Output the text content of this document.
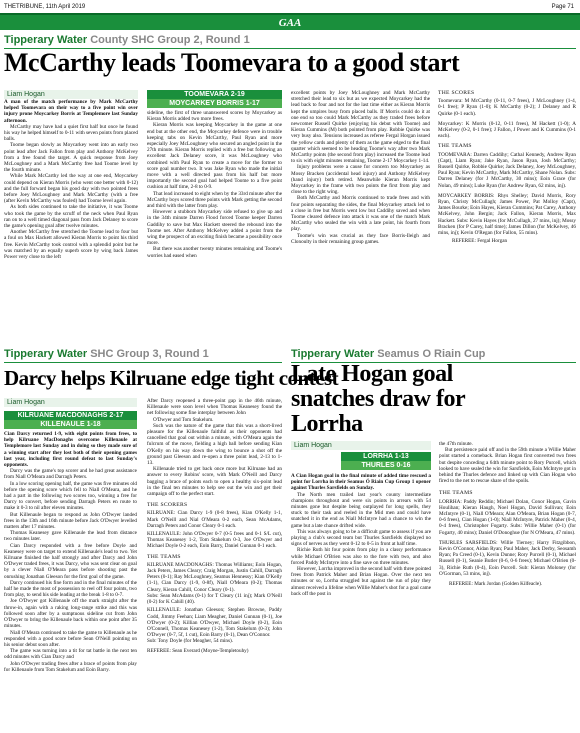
THETRIBUNE, 11th April 2019	Page 71
GAA
Tipperary Water County SHC Group 2, Round 1
McCarthy leads Toomevara to a good start
Liam Hogan

A man of the match performance by Mark McCarthy helped Toomevara on their way to a five point win over injury prone Moycarkey Borris at Templemore last Sunday afternoon.

McCarthy may have had a quiet first half but once he found his way he helped himself to 0-11 with seven points from placed balls.

Toome began slowly as Moycarkey went into an early two point lead after Jack Fallon from play and Anthony McKelvey from a free found the target. A quick response from Joey McLoughney and a Mark McCarthy free had Toome level by the fourth minute.

While Mark McCarthy led the way at one end, Moycarkey could depend on Kieran Morris (who went one better with 0-12) and the full forward began his good day with two pointed frees before Joey McLoughney and Mark McCarthy (with a free (after Kevin McCarthy was fouled) had Toome level again.

As both sides continued to take the initiative, it was Toome who took the game by the scruff of the neck when Paul Ryan ran on to a well timed diagonal pass from Jack Delaney to score the game's opening goal after twelve minutes.

Another McCarthy free stretched the Toome lead to four but a foul on Max Hackett allowed Kieran Morris to point his third free. Kevin McCarthy took control with a splendid point but he was matched by an equally superb score by wing back James Power very close to the left

TOOMEVARA 2-19
MOYCARKEY BORRIS 1-17

sideline, the first of three unanswered scores by Moycarkey as Kieran Morris added two more frees.

Kieran Morris was keeping Moycarkey in the game at one end but at the other end, the Moycarkey defence were in trouble keeping tabs on Kevin McCarthy, Paul Ryan and more especially Joey McLoughney who secured an angled point in the 27th minute. Kieran Morris replied with a free but following an excellent Jack Delaney score, it was McLoughney who combined with Paul Ryan to create a move for the former to score goal number two. It was Jake Ryan who made the initial move with a well directed pass from his half but more importantly the second goal had helped Toome to a five point cushion at half time, 2-8 to 0-9.

That lead increased to eight when by the 33rd minute after the McCarthy boys scored three points with Mark getting the second and third with the latter from play.

However a stubborn Moycarkey side refused to give up and in the 34th minute Darren Flood forced Toome keeper Darren Gaddihy to save but Max Hackett steered the rebound into the Toome net. After Anthony McKelvey added a point from the wing the prospect of an exciting finish became a possibility once more.

But there was another twenty minutes remaining and Toome's worries had eased when

excellent points by Joey McLoughney and Mark McCarthy stretched their lead to six but as we expected Moycarkey had the lead back to four and not for the last time either as Kieran Morris kept the umpires busy from placed balls. If Morris could do it at one end so too could Mark McCarthy as they traded frees before newcomer Russell Quirke (enjoying his debut with Toome) and Kieran Cummins (M) both pointed from play. Robbie Quirke was very busy also. Tensions increased as referee Fergal Horgan issued the yellow cards and plenty of them as the game edged to the final quarter which seemed to be heading Toome's way after two Mark McCarthy points (the second from play) increased the Toome lead to six with eight minutes remaining, Toome 2-17 Moycarkey 1-14.

Injury problems were a cause for concern too Moycarkey as Mossy Bracken (accidental head injury) and Anthony McKelvey (hand injury) both retired. Meanwhile Kieran Morris kept Moycarkey in the frame with two points the first from play and close to the right wing.

Both McCarthy and Morris continued to trade frees and with four points separating the sides, the final Moycarkey attack led to a close in free but Morris went low but Caddihy saved and when Toome cleared defence into attack it was one of the match Mark McCarthy who sealed the win with a late point, his fourth from play.

Toome's win was crucial as they face Borris-Ileigh and Clonoulty in their remaining group games.

THE SCORES

Toomevara: M McCarthy (0-11, 0-7 frees), J McLoughney (1-4, 0-1 free); P Ryan (1-0); K McCarthy (0-2); J Delaney and R Quirke (0-1 each).

Moycarkey: K Morris (0-12, 0-11 frees), M Hackett (1-0); A McKelvey (0-2, 0-1 free); J Fallon, J Power and K Cummins (0-1 each).

THE TEAMS

TOOMEVARA: Darren Caddihy; Cathal Kennedy, Andrew Ryan (Capt), Liam Ryan; Jake Ryan, Jason Ryan, Josh McCarthy; Russell Quirke, Robbie Quirke; Jack Delaney, Joey McLoughney, Paul Ryan; Kevin McCarthy, Mark McCarthy, Shane Nolan. Subs: Darren Delaney (for J McCarthy, 30 mins); Eoin Grace (for Nolan, 49 mins); Luke Ryan (for Andrew Ryan, 62 mins, inj).

MOYCARKEY BORRIS: Rhys Shelley; David Morris, Rory Ryan, Christy McCullagh; James Power, Pat Molloy (Capt), James Bourke; Eoin Hayes, Kieran Cummins; Pat Carey, Anthony McKelvey, John Bergin; Jack Fallon, Kieran Morris, Max Hackett. Subs: Kevin Hayes (for McCullagh, 27 mins, inj); Mossy Bracken (for P Carey, half time); James Dillon (for McKelvey, 46 mins, inj); Kevin O'Regan (for Fallon, 55 mins).

REFEREE: Fergal Horgan

Tipperary Water SHC Group 3, Round 1
Darcy helps Kilruane edge tight contest
Liam Hogan
KILRUANE MACDONAGHS 2-17
KILLENAULE 1-18

Cian Darcy returned 1-9, with eight points from frees, to help Kilruane MacDonaghs overcome Killenaule at Templemore last Sunday and in doing so they made sure of a winning start after they lost both of their opening games last year, including first round defeat to last Sunday's opponents.

Darcy was the game's top scorer and he had great assistance from Niall O'Meara and Darragh Peters.

In a low scoring opening half, the game was five minutes old before the opening score which fell to Niall O'Meara, and he had a part in the following two scores too, winning a free for Darcy to convert, before sending Darragh Peters en route to make it 0-3 to nil after eleven minutes.

But Killenaule began to respond as John O'Dwyer landed frees in the 13th and 16th minute before Jack O'Dwyer levelled matters after 17 minutes.

Thomas Keanesey gave Killenaule the lead from distance two minutes later.

Cian Darcy responded with a free before Doyle and Keanesey were on target to extend Killenaule's lead to two. Yet Kilruane finished the half strongly and after Darcy and John O'Dwyer traded frees, it was Darcy, who was sent clear on goal by a clever Niall O'Meara pass before shooting past the onrushing Jonathan Gleeson for the first goal of the game.

Darcy continued his fine form and in the final minutes of the half he made the most of possession to reel off four points, two from play, to send his side leading at the break 1-8 to 0-7.

Joe O'Dwyer got Killenaule off the mark straight after the throw-in, again with a raking long-range strike and this was followed soon after by a sumptuous sideline cut from John O'Dwyer to bring the Killenaule back within one point after 35 minutes.

Niall O'Meara continued to take the game to Killenaule as he responded with a good score before Sean O'Neill pointing on his senior debut soon after.

The game was turning into a tit for tat battle in the next ten odd minutes with Cian Darcy and

John O'Dwyer trading frees after a brace of points from play for Killenaule from Tom Stakelum and Eoin Barry.

After Darcy reopened a three-point gap in the 46th minute, Killenaule were soon level when Thomas Keanesey found the net following some fine interplay between John

O'Dwyer and Tom Stakelum.

Such was the nature of the game that this was a short-lived pleasure for the Killenaule faithful as their opponents had cancelled that goal out within a minute, with O'Meara again the fulcrum of the move, fielding a high ball before sending Kian O'Kelly on his way down the wing to bounce a shot off the ground past Gleeson and re-open a three point lead, 2-13 to 1-13.

Killenaule tried to get back once more but Kilruane had an answer to every Robins' score, with Mark O'Neill and Darcy bagging a brace of points each to open a healthy six-point lead in the final ten minutes to help see out the win and get their campaign off to the perfect start.

THE SCORERS

KILRUANE: Cian Darcy 1-9 (0-8 frees), Kian O'Kelly 1-1, Mark O'Neill and Nial O'Meara 0-2 each, Sean McAdams, Darragh Peters and Conor Cleary 0-1 each.

KILLENAULE: John O'Dwyer 0-7 (0-5 frees and 0-1 S/L cut), Thomas Keanesey 1-2, Tom Stakelum 0-3, Joe O'Dwyer and Michael Doyle 0-2 each, Eoin Barry, Daniel Gunnan 0-1 each.

THE TEAMS

KILRUANE MACDONAGHS: Thomas Williams; Eoin Hogan, Jack Peters, James Cleary; Craig Morgan, Justin Cahill, Darragh Peters (0-1); Ray McLoughney, Seamus Hennessy; Kian O'Kelly (1-1), Cian Darcy (1-9, 0-8f), Niall O'Meara (0-2); Thomas Cleary, Kieran Cahill, Conor Cleary (0-1).

Subs: Sean McAdams (0-1) for T Cleary (11 inj); Mark O'Neill (0-2) for K Cahill (40).

KILLENAULE: Jonathan Gleeson; Stephen Browne, Paddy Codd, Jimmy Feehan; Liam Meagher, Daniel Gunnan (0-1), Joe O'Dwyer (0-2); Killian O'Dwyer, Michael Doyle (0-2), Eoin O'Connell, Thomas Keanesey (1-2), Tom Stakelum (0-3); John O'Dwyer (0-7, 5f, 1 cut), Eoin Barry (0-1), Dean O'Connor.

Sub: Tony Doyle (for Meagher, 54 mins).

REFEREE: Sean Everard (Moyne-Templetouhy)

Tipperary Water Seamus O Riain Cup
Late Hogan goal
snatches draw for
Lorrha
Liam Hogan
LORRHA 1-13
THURLES 0-16

A Cian Hogan goal in the final minute of added time rescued a point for Lorrha in their Seamus Ó Riain Cup Group 1 opener against Thurles Sarsfields on Sunday.

The North men trailed last year's county intermediate champions throughout and were six points in arrears with 54 minutes gone but despite being outplayed for long spells, they stuck to their task and reeled in the Mid men and could have snatched it in the end as Niall McIntyre had a chance to win the game but a late chance drifted wide.

This was always going to be a difficult game to assess if you are playing a club's second team but Thurles Sarsfields displayed no signs of nerves as they went 0-12 to 0-5 in front at half time.

Richie Ruth hit four points from play in a classy performance while Michael O'Brien was also to the fore with two, and also forced Paddy McIntyre into a fine save on three minutes.

However, Lorrha improved in the second half with three pointed frees from Patrick Maher and Brian Hogan. Over the next ten minutes or so, Lorrha struggled but against the run of play they almost received a lifeline when Willie Maher's shot for a goal came back off the post in

the 47th minute.

But persistence paid off and in the 59th minute a Willie Maher point started a comeback. Brian Hogan first converted two frees but despite conceding a 64th minute point to Rory Purcell, which looked to have sealed the win for Sarsfields, Eoin McIntyre got in behind the Thurles defence and linked up with Cian Hogan who fired to the net to rescue share of the spoils.

THE TEAMS

LORRHA: Paddy Reddin; Michael Dolan, Conor Hogan, Gavin Houlihan; Kieran Haugh, Noel Hogan, David Sullivan; Eoin McIntyre (0-1), Niall O'Meara; Alan O'Meara, Brian Hogan (0-7, 0-6 frees), Cian Hogan (1-0); Niall McIntyre, Patrick Maher (0-4, 0-4 frees), Christopher Fogarty. Subs: Willie Maher (0-1) (for Fogarty, 40 mins); Daniel O'Donoghue (for N O'Meara, 47 mins).

THURLES SARSFIELDS: Willie Tierney; Harry Fitzgibbon, Kevin O'Connor, Aidan Ryan; Paul Maher, Jack Derby, Seosamh Ryan; Pa Creed (0-1), Kevin Dunne; Rory Purcell (0-1), Michael Russell (0-1), Seanie Butler (0-6, 0-6 frees); Michael O'Brien (0-3), Richie Ruth (0-4), Eoin Purcell. Sub: Kieran Moloney (for O'Gorman, 53 mins, inj).

REFEREE: Mark Jordan (Golden Kilfeacle).
